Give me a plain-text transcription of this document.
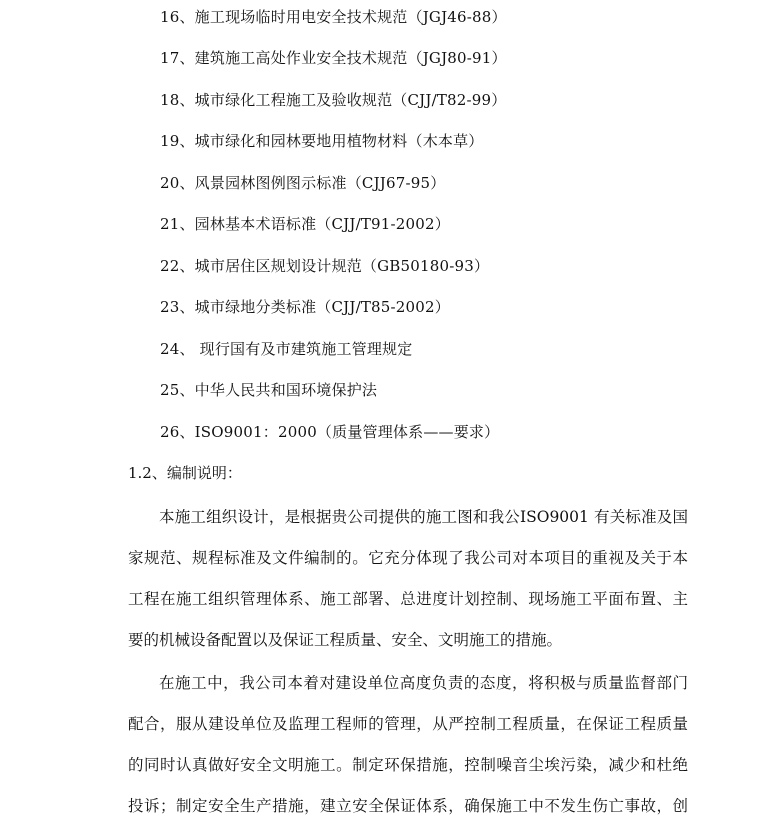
16、施工现场临时用电安全技术规范（JGJ46-88）
17、建筑施工高处作业安全技术规范（JGJ80-91）
18、城市绿化工程施工及验收规范（CJJ/T82-99）
19、城市绿化和园林要地用植物材料（木本草）
20、风景园林图例图示标准（CJJ67-95）
21、园林基本术语标准（CJJ/T91-2002）
22、城市居住区规划设计规范（GB50180-93）
23、城市绿地分类标准（CJJ/T85-2002）
24、 现行国有及市建筑施工管理规定
25、中华人民共和国环境保护法
26、ISO9001：2000（质量管理体系——要求）
1.2、编制说明：
本施工组织设计，是根据贵公司提供的施工图和我公ISO9001 有关标准及国
家规范、规程标准及文件编制的。它充分体现了我公司对本项目的重视及关于本
工程在施工组织管理体系、施工部署、总进度计划控制、现场施工平面布置、主
要的机械设备配置以及保证工程质量、安全、文明施工的措施。
在施工中，我公司本着对建设单位高度负责的态度，将积极与质量监督部门
配合，服从建设单位及监理工程师的管理，从严控制工程质量，在保证工程质量
的同时认真做好安全文明施工。制定环保措施，控制噪音尘埃污染，减少和杜绝
投诉；制定安全生产措施，建立安全保证体系，确保施工中不发生伤亡事故，创
